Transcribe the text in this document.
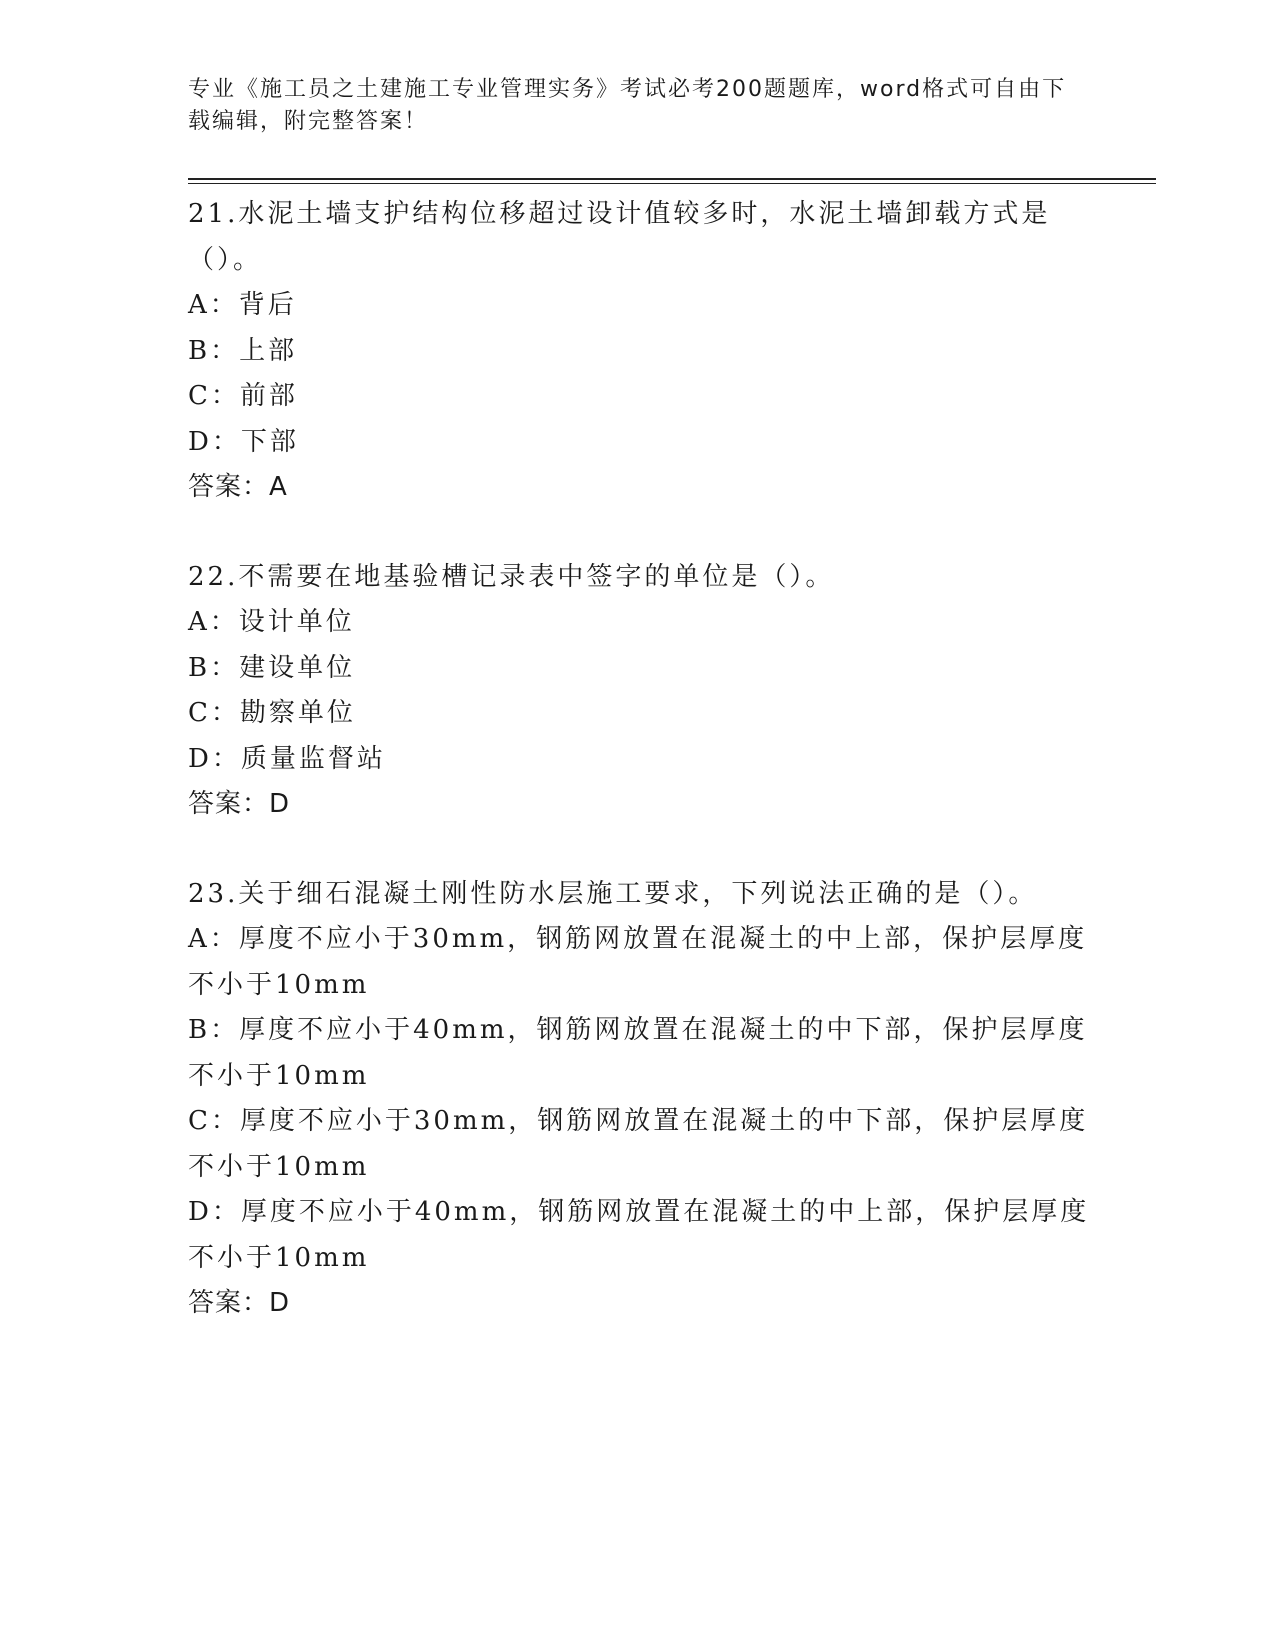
专业《施工员之土建施工专业管理实务》考试必考200题题库，word格式可自由下载编辑，附完整答案！
21.水泥土墙支护结构位移超过设计值较多时，水泥土墙卸载方式是（）。
A：背后
B：上部
C：前部
D：下部
答案：A
22.不需要在地基验槽记录表中签字的单位是（）。
A：设计单位
B：建设单位
C：勘察单位
D：质量监督站
答案：D
23.关于细石混凝土刚性防水层施工要求，下列说法正确的是（）。
A：厚度不应小于30mm，钢筋网放置在混凝土的中上部，保护层厚度不小于10mm
B：厚度不应小于40mm，钢筋网放置在混凝土的中下部，保护层厚度不小于10mm
C：厚度不应小于30mm，钢筋网放置在混凝土的中下部，保护层厚度不小于10mm
D：厚度不应小于40mm，钢筋网放置在混凝土的中上部，保护层厚度不小于10mm
答案：D
